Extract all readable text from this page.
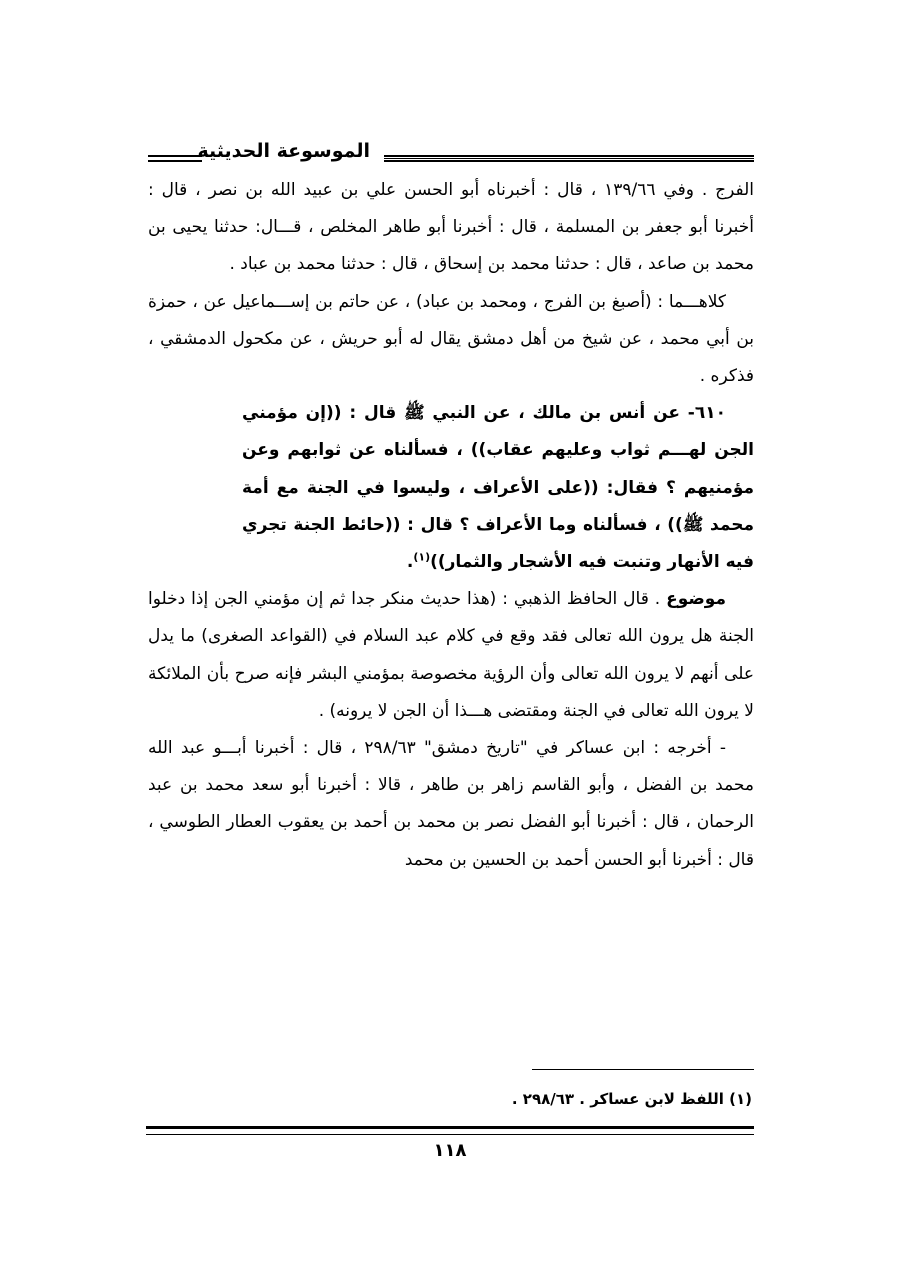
الموسوعة الحديثية

الفرج . وفي ١٣٩/٦٦ ، قال : أخبرناه أبو الحسن علي بن عبيد الله بن نصر ، قال : أخبرنا أبو جعفر بن المسلمة ، قال : أخبرنا أبو طاهر المخلص ، قـــال: حدثنا يحيى بن محمد بن صاعد ، قال : حدثنا محمد بن إسحاق ، قال : حدثنا محمد بن عباد .

كلاهـــما : (أصبغ بن الفرج ، ومحمد بن عباد) ، عن حاتم بن إســـماعيل عن ، حمزة بن أبي محمد ، عن شيخ من أهل دمشق يقال له أبو حريش ، عن مكحول الدمشقي ، فذكره .

٦١٠- عن أنس بن مالك ، عن النبي ﷺ قال : ((إن مؤمني الجن لهـــم ثواب وعليهم عقاب)) ، فسألناه عن ثوابهم وعن مؤمنيهم ؟ فقال: ((على الأعراف ، وليسوا في الجنة مع أمة محمد ﷺ)) ، فسألناه وما الأعراف ؟ قال : ((حائط الجنة تجري فيه الأنهار وتنبت فيه الأشجار والثمار))$^{(١)}$.

موضوع . قال الحافظ الذهبي : (هذا حديث منكر جدا ثم إن مؤمني الجن إذا دخلوا الجنة هل يرون الله تعالى فقد وقع في كلام عبد السلام في (القواعد الصغرى) ما يدل على أنهم لا يرون الله تعالى وأن الرؤية مخصوصة بمؤمني البشر فإنه صرح بأن الملائكة لا يرون الله تعالى في الجنة ومقتضى هـــذا أن الجن لا يرونه) .

- أخرجه : ابن عساكر في "تاريخ دمشق" ٢٩٨/٦٣ ، قال : أخبرنا أبـــو عبد الله محمد بن الفضل ، وأبو القاسم زاهر بن طاهر ، قالا : أخبرنا أبو سعد محمد بن عبد الرحمان ، قال : أخبرنا أبو الفضل نصر بن محمد بن أحمد بن يعقوب العطار الطوسي ، قال : أخبرنا أبو الحسن أحمد بن الحسين بن محمد

(١) اللفظ لابن عساكر . ٢٩٨/٦٣ .
١١٨
